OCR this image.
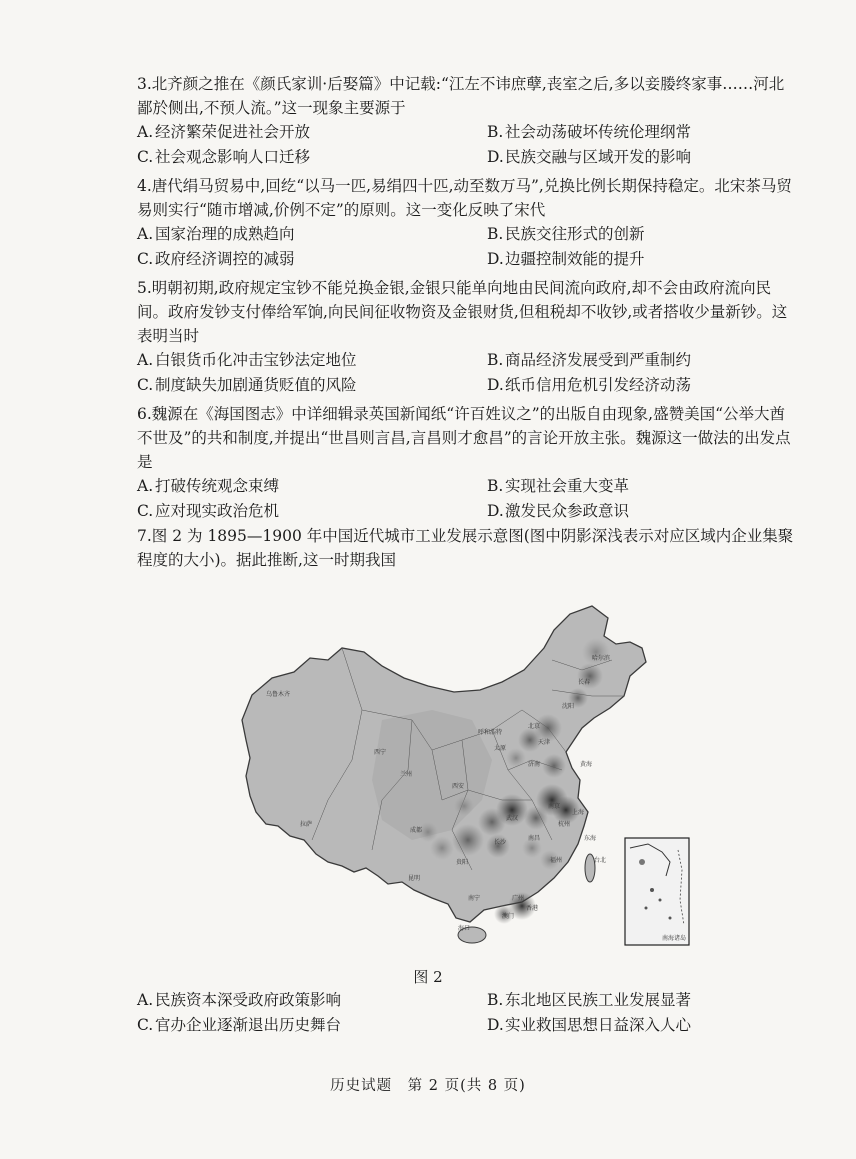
3.北齐颜之推在《颜氏家训·后娶篇》中记载:“江左不讳庶孽,丧室之后,多以妾媵终家事……河北鄙於侧出,不预人流。”这一现象主要源于

A. 经济繁荣促进社会开放	B. 社会动荡破坏传统伦理纲常
C. 社会观念影响人口迁移	D.民族交融与区域开发的影响

4.唐代绢马贸易中,回纥“以马一匹,易绢四十匹,动至数万马”,兑换比例长期保持稳定。北宋茶马贸易则实行“随市增减,价例不定”的原则。这一变化反映了宋代

A. 国家治理的成熟趋向	B. 民族交往形式的创新
C. 政府经济调控的减弱	D.边疆控制效能的提升

5.明朝初期,政府规定宝钞不能兑换金银,金银只能单向地由民间流向政府,却不会由政府流向民间。政府发钞支付俸给军饷,向民间征收物资及金银财货,但租税却不收钞,或者搭收少量新钞。这表明当时

A. 白银货币化冲击宝钞法定地位	B. 商品经济发展受到严重制约
C. 制度缺失加剧通货贬值的风险	D.纸币信用危机引发经济动荡

6.魏源在《海国图志》中详细辑录英国新闻纸“许百姓议之”的出版自由现象,盛赞美国“公举大酋不世及”的共和制度,并提出“世昌则言昌,言昌则才愈昌”的言论开放主张。魏源这一做法的出发点是

A. 打破传统观念束缚	B. 实现社会重大变革
C. 应对现实政治危机	D.激发民众参政意识

7.图 2 为 1895—1900 年中国近代城市工业发展示意图(图中阴影深浅表示对应区域内企业集聚程度的大小)。据此推断,这一时期我国

黄海
东海
乌鲁木齐
西宁
兰州
拉萨
成都
西安
太原
呼和浩特
北京
天津
济南
南京
上海
杭州
武汉
长沙
南昌
福州	台北
广州
香港
澳门
海口
贵阳
昆明
南宁
哈尔滨
长春
沈阳
南海诸岛
图 2
A. 民族资本深受政府政策影响	B. 东北地区民族工业发展显著
C. 官办企业逐渐退出历史舞台	D.实业救国思想日益深入人心
历史试题　第 2 页(共 8 页)
